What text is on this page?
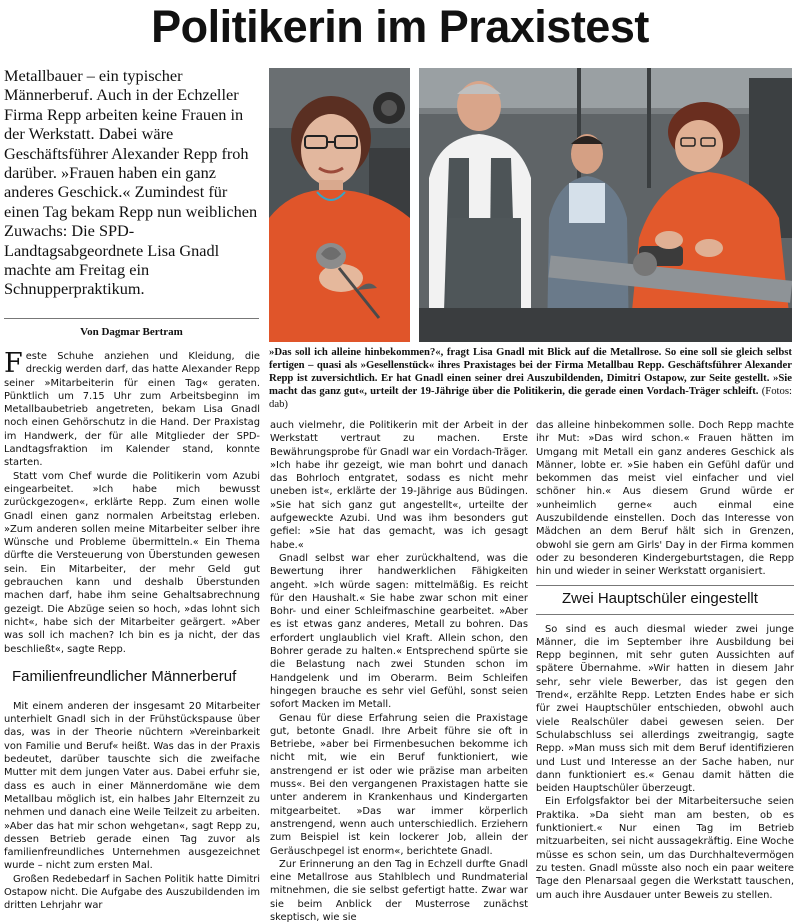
Politikerin im Praxistest

Metallbauer – ein typischer Männerberuf. Auch in der Echzeller Firma Repp arbeiten keine Frauen in der Werkstatt. Dabei wäre Geschäftsführer Alexander Repp froh darüber. »Frauen haben ein ganz anderes Geschick.« Zumindest für einen Tag bekam Repp nun weiblichen Zuwachs: Die SPD-Landtagsabgeordnete Lisa Gnadl machte am Freitag ein Schnupperpraktikum.

Von Dagmar Bertram

»Das soll ich alleine hinbekommen?«, fragt Lisa Gnadl mit Blick auf die Metallrose. So eine soll sie gleich selbst fertigen – quasi als »Gesellenstück« ihres Praxistages bei der Firma Metallbau Repp. Geschäftsführer Alexander Repp ist zuversichtlich. Er hat Gnadl einen seiner drei Auszubildenden, Dimitri Ostapow, zur Seite gestellt. »Sie macht das ganz gut«, urteilt der 19-Jährige über die Politikerin, die gerade einen Vordach-Träger schleift. (Fotos: dab)

Feste Schuhe anziehen und Kleidung, die dreckig werden darf, das hatte Alexander Repp seiner »Mitarbeiterin für einen Tag« geraten. Pünktlich um 7.15 Uhr zum Arbeitsbeginn im Metallbaubetrieb angetreten, bekam Lisa Gnadl noch einen Gehörschutz in die Hand. Der Praxistag im Handwerk, der für alle Mitglieder der SPD-Landtagsfraktion im Kalender stand, konnte starten.

Statt vom Chef wurde die Politikerin vom Azubi eingearbeitet. »Ich habe mich bewusst zurückgezogen«, erklärte Repp. Zum einen wolle Gnadl einen ganz normalen Arbeitstag erleben. »Zum anderen sollen meine Mitarbeiter selber ihre Wünsche und Probleme übermitteln.« Ein Thema dürfte die Versteuerung von Überstunden gewesen sein. Ein Mitarbeiter, der mehr Geld gut gebrauchen kann und deshalb Überstunden machen darf, habe ihm seine Gehaltsabrechnung gezeigt. Die Abzüge seien so hoch, »das lohnt sich nicht«, habe sich der Mitarbeiter geärgert. »Aber was soll ich machen? Ich bin es ja nicht, der das beschließt«, sagte Repp.

Familienfreundlicher Männerberuf

Mit einem anderen der insgesamt 20 Mitarbeiter unterhielt Gnadl sich in der Frühstückspause über das, was in der Theorie nüchtern »Vereinbarkeit von Familie und Beruf« heißt. Was das in der Praxis bedeutet, darüber tauschte sich die zweifache Mutter mit dem jungen Vater aus. Dabei erfuhr sie, dass es auch in einer Männerdomäne wie dem Metallbau möglich ist, ein halbes Jahr Elternzeit zu nehmen und danach eine Weile Teilzeit zu arbeiten. »Aber das hat mir schon wehgetan«, sagt Repp zu, dessen Betrieb gerade einen Tag zuvor als familienfreundliches Unternehmen ausgezeichnet wurde – nicht zum ersten Mal.

Großen Redebedarf in Sachen Politik hatte Dimitri Ostapow nicht. Die Aufgabe des Auszubildenden im dritten Lehrjahr war

auch vielmehr, die Politikerin mit der Arbeit in der Werkstatt vertraut zu machen. Erste Bewährungsprobe für Gnadl war ein Vordach-Träger. »Ich habe ihr gezeigt, wie man bohrt und danach das Bohrloch entgratet, sodass es nicht mehr uneben ist«, erklärte der 19-Jährige aus Büdingen. »Sie hat sich ganz gut angestellt«, urteilte der aufgeweckte Azubi. Und was ihm besonders gut gefiel: »Sie hat das gemacht, was ich gesagt habe.«

Gnadl selbst war eher zurückhaltend, was die Bewertung ihrer handwerklichen Fähigkeiten angeht. »Ich würde sagen: mittelmäßig. Es reicht für den Haushalt.« Sie habe zwar schon mit einer Bohr- und einer Schleifmaschine gearbeitet. »Aber es ist etwas ganz anderes, Metall zu bohren. Das erfordert unglaublich viel Kraft. Allein schon, den Bohrer gerade zu halten.« Entsprechend spürte sie die Belastung nach zwei Stunden schon im Handgelenk und im Oberarm. Beim Schleifen hingegen brauche es sehr viel Gefühl, sonst seien sofort Macken im Metall.

Genau für diese Erfahrung seien die Praxistage gut, betonte Gnadl. Ihre Arbeit führe sie oft in Betriebe, »aber bei Firmenbesuchen bekomme ich nicht mit, wie ein Beruf funktioniert, wie anstrengend er ist oder wie präzise man arbeiten muss«. Bei den vergangenen Praxistagen hatte sie unter anderem in Krankenhaus und Kindergarten mitgearbeitet. »Das war immer körperlich anstrengend, wenn auch unterschiedlich. Erziehern zum Beispiel ist kein lockerer Job, allein der Geräuschpegel ist enorm«, berichtete Gnadl.

Zur Erinnerung an den Tag in Echzell durfte Gnadl eine Metallrose aus Stahlblech und Rundmaterial mitnehmen, die sie selbst gefertigt hatte. Zwar war sie beim Anblick der Musterrose zunächst skeptisch, wie sie

das alleine hinbekommen solle. Doch Repp machte ihr Mut: »Das wird schon.« Frauen hätten im Umgang mit Metall ein ganz anderes Geschick als Männer, lobte er. »Sie haben ein Gefühl dafür und bekommen das meist viel einfacher und viel schöner hin.« Aus diesem Grund würde er »unheimlich gerne« auch einmal eine Auszubildende einstellen. Doch das Interesse von Mädchen an dem Beruf hält sich in Grenzen, obwohl sie gern am Girls' Day in der Firma kommen oder zu besonderen Kindergeburtstagen, die Repp hin und wieder in seiner Werkstatt organisiert.

Zwei Hauptschüler eingestellt

So sind es auch diesmal wieder zwei junge Männer, die im September ihre Ausbildung bei Repp beginnen, mit sehr guten Aussichten auf spätere Übernahme. »Wir hatten in diesem Jahr sehr, sehr viele Bewerber, das ist gegen den Trend«, erzählte Repp. Letzten Endes habe er sich für zwei Hauptschüler entschieden, obwohl auch viele Realschüler dabei gewesen seien. Der Schulabschluss sei allerdings zweitrangig, sagte Repp. »Man muss sich mit dem Beruf identifizieren und Lust und Interesse an der Sache haben, nur dann funktioniert es.« Genau damit hätten die beiden Hauptschüler überzeugt.

Ein Erfolgsfaktor bei der Mitarbeitersuche seien Praktika. »Da sieht man am besten, ob es funktioniert.« Nur einen Tag im Betrieb mitzuarbeiten, sei nicht aussagekräftig. Eine Woche müsse es schon sein, um das Durchhaltevermögen zu testen. Gnadl müsste also noch ein paar weitere Tage den Plenarsaal gegen die Werkstatt tauschen, um auch ihre Ausdauer unter Beweis zu stellen.
